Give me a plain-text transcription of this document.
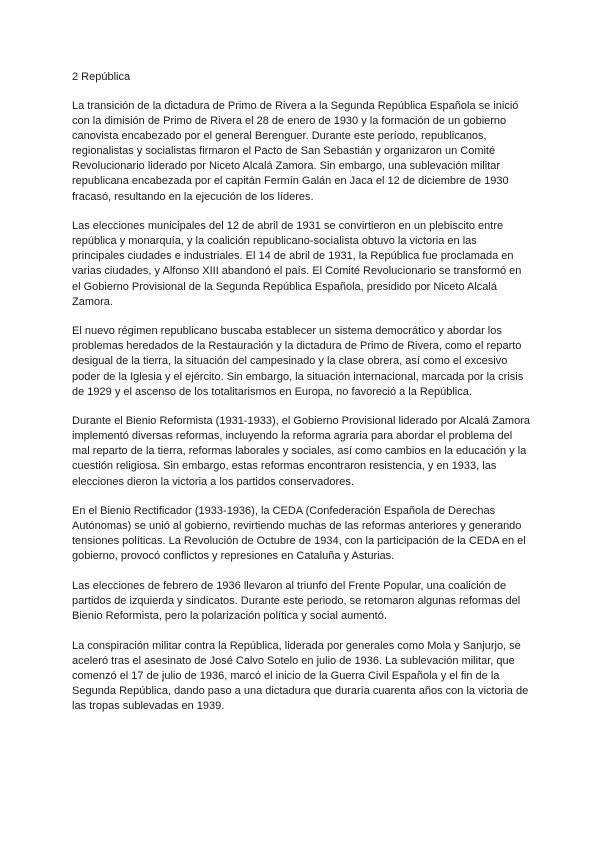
2 República

La transición de la dictadura de Primo de Rivera a la Segunda República Española se inició con la dimisión de Primo de Rivera el 28 de enero de 1930 y la formación de un gobierno canovista encabezado por el general Berenguer. Durante este período, republicanos, regionalistas y socialistas firmaron el Pacto de San Sebastián y organizaron un Comité Revolucionario liderado por Niceto Alcalá Zamora. Sin embargo, una sublevación militar republicana encabezada por el capitán Fermín Galán en Jaca el 12 de diciembre de 1930 fracasó, resultando en la ejecución de los líderes.

Las elecciones municipales del 12 de abril de 1931 se convirtieron en un plebiscito entre república y monarquía, y la coalición republicano-socialista obtuvo la victoria en las principales ciudades e industriales. El 14 de abril de 1931, la República fue proclamada en varias ciudades, y Alfonso XIII abandonó el país. El Comité Revolucionario se transformó en el Gobierno Provisional de la Segunda República Española, presidido por Niceto Alcalá Zamora.

El nuevo régimen republicano buscaba establecer un sistema democrático y abordar los problemas heredados de la Restauración y la dictadura de Primo de Rivera, como el reparto desigual de la tierra, la situación del campesinado y la clase obrera, así como el excesivo poder de la Iglesia y el ejército. Sin embargo, la situación internacional, marcada por la crisis de 1929 y el ascenso de los totalitarismos en Europa, no favoreció a la República.

Durante el Bienio Reformista (1931-1933), el Gobierno Provisional liderado por Alcalá Zamora implementó diversas reformas, incluyendo la reforma agraria para abordar el problema del mal reparto de la tierra, reformas laborales y sociales, así como cambios en la educación y la cuestión religiosa. Sin embargo, estas reformas encontraron resistencia, y en 1933, las elecciones dieron la victoria a los partidos conservadores.

En el Bienio Rectificador (1933-1936), la CEDA (Confederación Española de Derechas Autónomas) se unió al gobierno, revirtiendo muchas de las reformas anteriores y generando tensiones políticas. La Revolución de Octubre de 1934, con la participación de la CEDA en el gobierno, provocó conflictos y represiones en Cataluña y Asturias.

Las elecciones de febrero de 1936 llevaron al triunfo del Frente Popular, una coalición de partidos de izquierda y sindicatos. Durante este periodo, se retomaron algunas reformas del Bienio Reformista, pero la polarización política y social aumentó.

La conspiración militar contra la República, liderada por generales como Mola y Sanjurjo, se aceleró tras el asesinato de José Calvo Sotelo en julio de 1936. La sublevación militar, que comenzó el 17 de julio de 1936, marcó el inicio de la Guerra Civil Española y el fin de la Segunda República, dando paso a una dictadura que duraría cuarenta años con la victoria de las tropas sublevadas en 1939.
